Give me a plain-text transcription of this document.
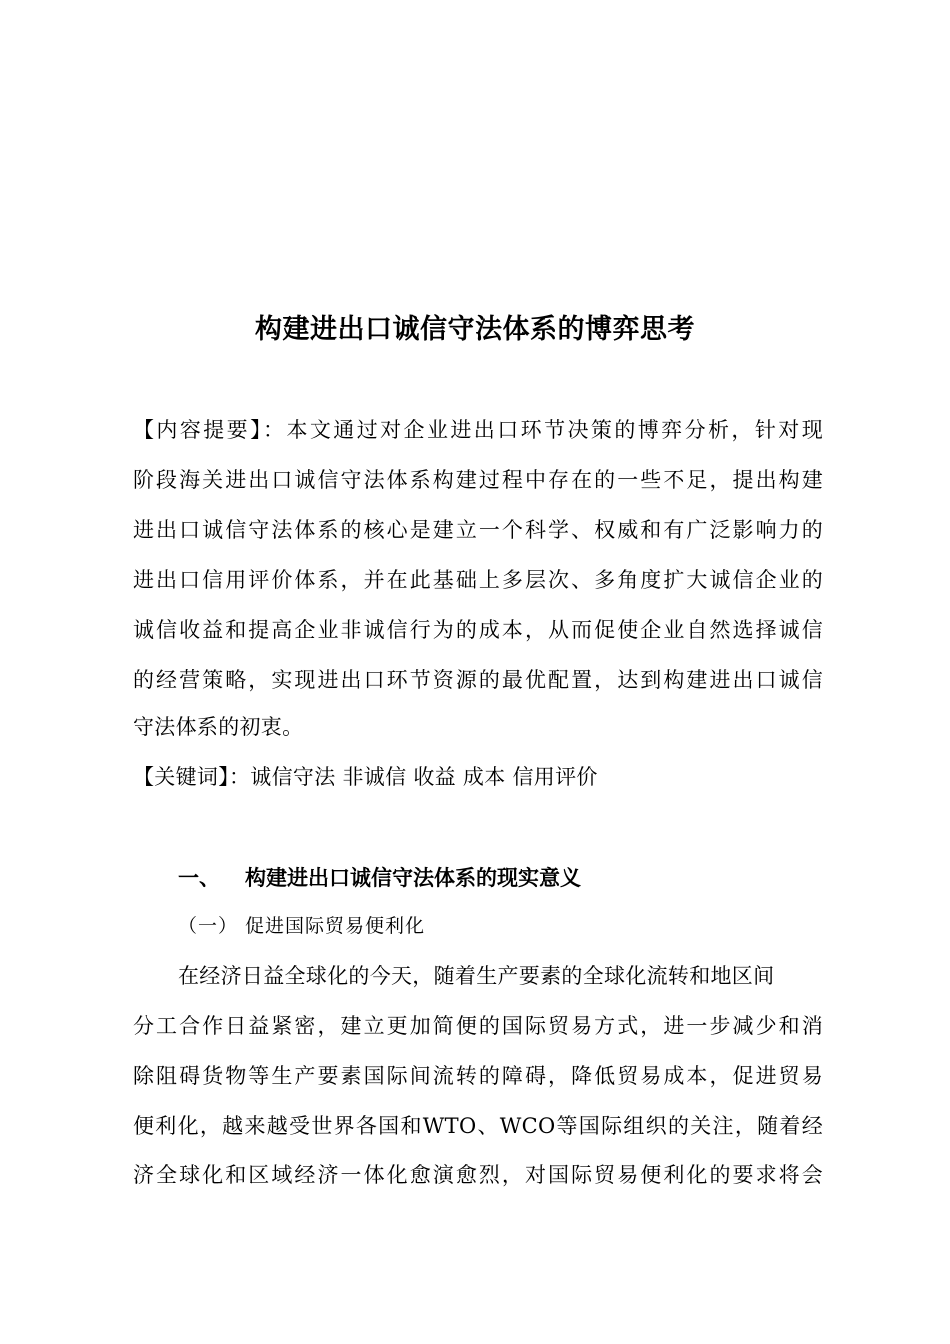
构建进出口诚信守法体系的博弈思考
【内容提要】：本文通过对企业进出口环节决策的博弈分析，针对现
阶段海关进出口诚信守法体系构建过程中存在的一些不足，提出构建
进出口诚信守法体系的核心是建立一个科学、权威和有广泛影响力的
进出口信用评价体系，并在此基础上多层次、多角度扩大诚信企业的
诚信收益和提高企业非诚信行为的成本，从而促使企业自然选择诚信
的经营策略，实现进出口环节资源的最优配置，达到构建进出口诚信
守法体系的初衷。
【关键词】：诚信守法 非诚信 收益 成本 信用评价
一、 构建进出口诚信守法体系的现实意义
（一） 促进国际贸易便利化
在经济日益全球化的今天，随着生产要素的全球化流转和地区间
分工合作日益紧密，建立更加简便的国际贸易方式，进一步减少和消
除阻碍货物等生产要素国际间流转的障碍，降低贸易成本，促进贸易
便利化，越来越受世界各国和WTO、WCO等国际组织的关注，随着经
济全球化和区域经济一体化愈演愈烈，对国际贸易便利化的要求将会
